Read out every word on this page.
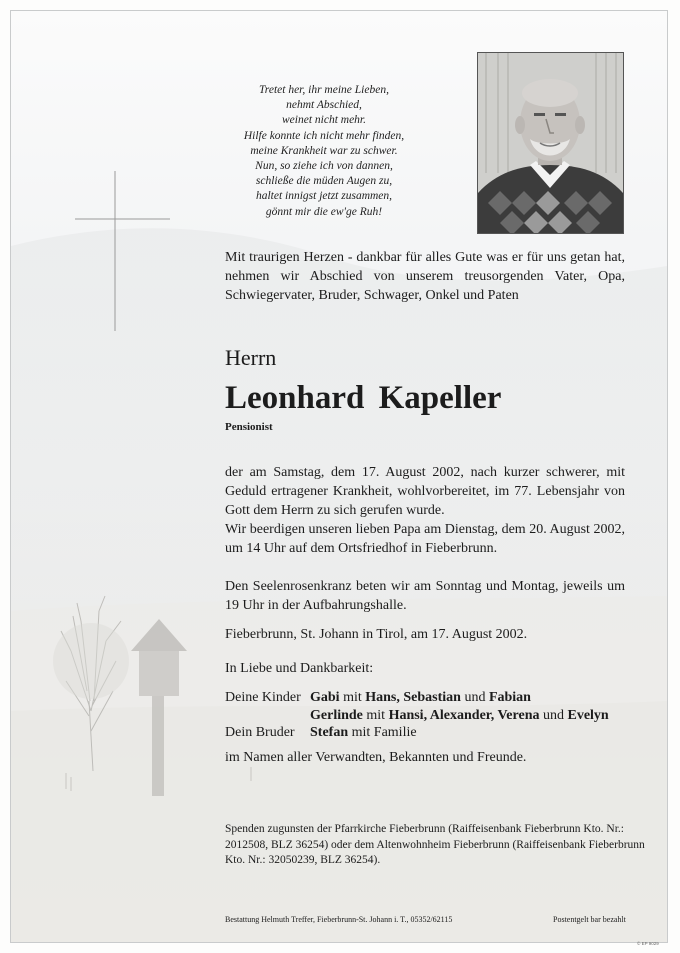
Tretet her, ihr meine Lieben,
nehmt Abschied,
weinet nicht mehr.
Hilfe konnte ich nicht mehr finden,
meine Krankheit war zu schwer.
Nun, so ziehe ich von dannen,
schließe die müden Augen zu,
haltet innigst jetzt zusammen,
gönnt mir die ew'ge Ruh!
Mit traurigen Herzen - dankbar für alles Gute was er für uns getan hat, nehmen wir Abschied von unserem treusorgenden Vater, Opa, Schwiegervater, Bruder, Schwager, Onkel und Paten
Herrn
Leonhard Kapeller
Pensionist
der am Samstag, dem 17. August 2002, nach kurzer schwerer, mit Geduld ertragener Krankheit, wohlvorbereitet, im 77. Lebensjahr von Gott dem Herrn zu sich gerufen wurde.
Wir beerdigen unseren lieben Papa am Dienstag, dem 20. August 2002, um 14 Uhr auf dem Ortsfriedhof in Fieberbrunn.
Den Seelenrosenkranz beten wir am Sonntag und Montag, jeweils um 19 Uhr in der Aufbahrungshalle.
Fieberbrunn, St. Johann in Tirol, am 17. August 2002.
In Liebe und Dankbarkeit:
Deine Kinder Gabi mit Hans, Sebastian und Fabian
Gerlinde mit Hansi, Alexander, Verena und Evelyn
Dein Bruder Stefan mit Familie
im Namen aller Verwandten, Bekannten und Freunde.
Spenden zugunsten der Pfarrkirche Fieberbrunn (Raiffeisenbank Fieberbrunn Kto. Nr.: 2012508, BLZ 36254) oder dem Altenwohnheim Fieberbrunn (Raiffeisenbank Fieberbrunn Kto. Nr.: 32050239, BLZ 36254).
Bestattung Helmuth Treffer, Fieberbrunn-St. Johann i. T., 05352/62115	Postentgelt bar bezahlt
© EP 9029
